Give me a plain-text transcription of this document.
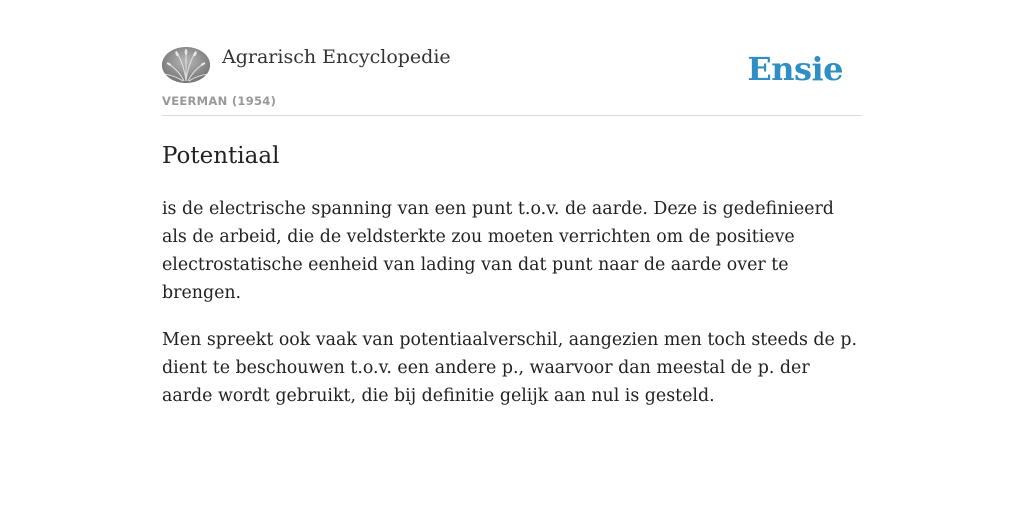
Agrarisch Encyclopedie
VEERMAN (1954)
Ensie
Potentiaal

is de electrische spanning van een punt t.o.v. de aarde. Deze is gedefinieerd als de arbeid, die de veldsterkte zou moeten verrichten om de positieve electrostatische eenheid van lading van dat punt naar de aarde over te brengen.

Men spreekt ook vaak van potentiaalverschil, aangezien men toch steeds de p. dient te beschouwen t.o.v. een andere p., waarvoor dan meestal de p. der aarde wordt gebruikt, die bij definitie gelijk aan nul is gesteld.
